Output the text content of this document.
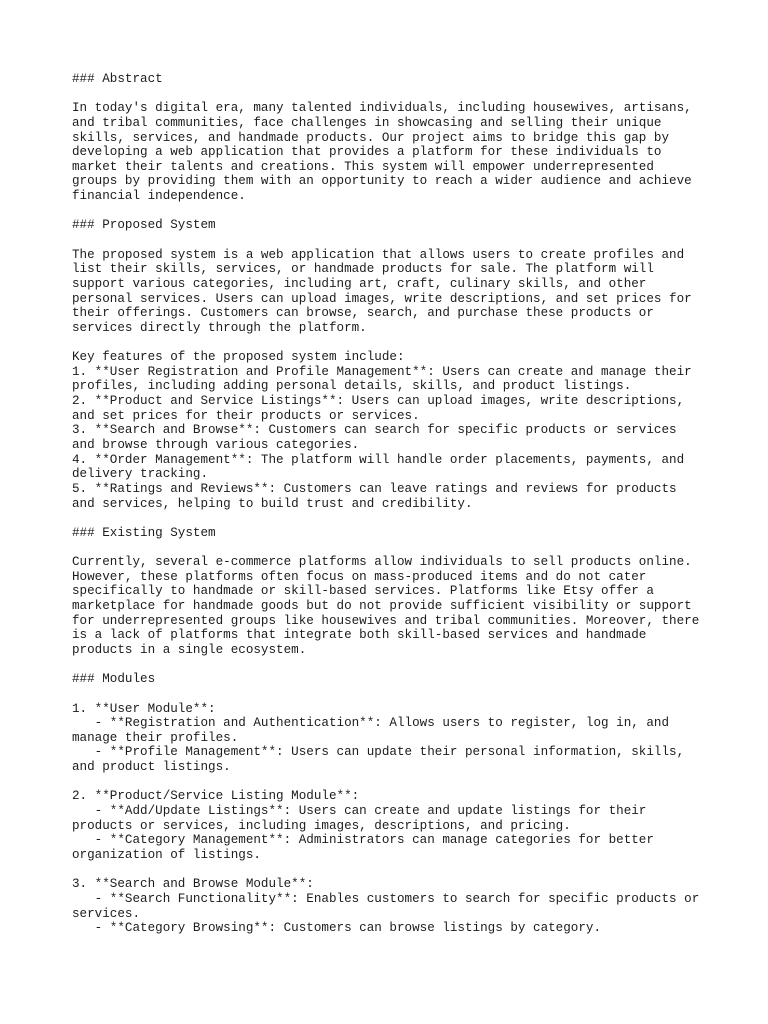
### Abstract
In today's digital era, many talented individuals, including housewives, artisans,
and tribal communities, face challenges in showcasing and selling their unique
skills, services, and handmade products. Our project aims to bridge this gap by
developing a web application that provides a platform for these individuals to
market their talents and creations. This system will empower underrepresented
groups by providing them with an opportunity to reach a wider audience and achieve
financial independence.
### Proposed System
The proposed system is a web application that allows users to create profiles and
list their skills, services, or handmade products for sale. The platform will
support various categories, including art, craft, culinary skills, and other
personal services. Users can upload images, write descriptions, and set prices for
their offerings. Customers can browse, search, and purchase these products or
services directly through the platform.
Key features of the proposed system include:
1. **User Registration and Profile Management**: Users can create and manage their
profiles, including adding personal details, skills, and product listings.
2. **Product and Service Listings**: Users can upload images, write descriptions,
and set prices for their products or services.
3. **Search and Browse**: Customers can search for specific products or services
and browse through various categories.
4. **Order Management**: The platform will handle order placements, payments, and
delivery tracking.
5. **Ratings and Reviews**: Customers can leave ratings and reviews for products
and services, helping to build trust and credibility.
### Existing System
Currently, several e-commerce platforms allow individuals to sell products online.
However, these platforms often focus on mass-produced items and do not cater
specifically to handmade or skill-based services. Platforms like Etsy offer a
marketplace for handmade goods but do not provide sufficient visibility or support
for underrepresented groups like housewives and tribal communities. Moreover, there
is a lack of platforms that integrate both skill-based services and handmade
products in a single ecosystem.
### Modules
1. **User Module**:
- **Registration and Authentication**: Allows users to register, log in, and
manage their profiles.
- **Profile Management**: Users can update their personal information, skills,
and product listings.
2. **Product/Service Listing Module**:
- **Add/Update Listings**: Users can create and update listings for their
products or services, including images, descriptions, and pricing.
- **Category Management**: Administrators can manage categories for better
organization of listings.
3. **Search and Browse Module**:
- **Search Functionality**: Enables customers to search for specific products or
services.
- **Category Browsing**: Customers can browse listings by category.
